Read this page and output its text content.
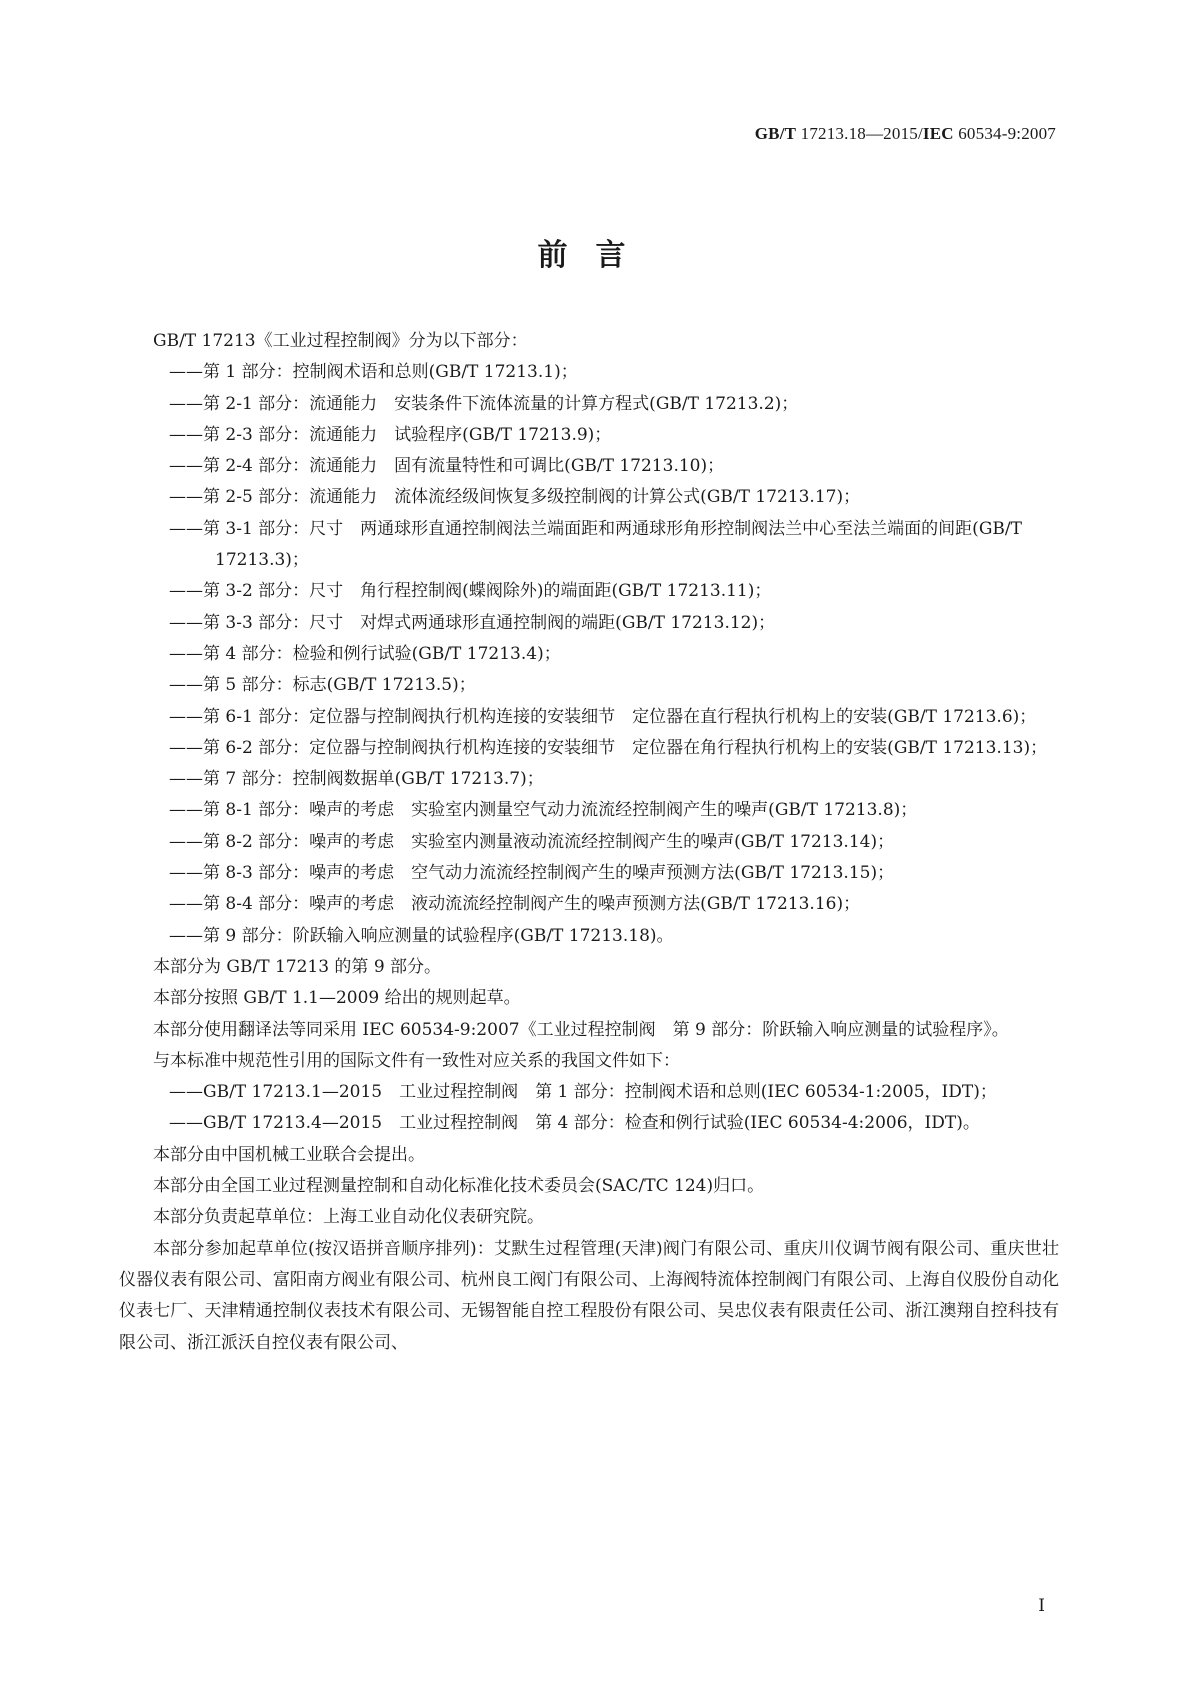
GB/T 17213.18—2015/IEC 60534-9:2007
前言

GB/T 17213《工业过程控制阀》分为以下部分：

——第 1 部分：控制阀术语和总则(GB/T 17213.1)；

——第 2-1 部分：流通能力　安装条件下流体流量的计算方程式(GB/T 17213.2)；

——第 2-3 部分：流通能力　试验程序(GB/T 17213.9)；

——第 2-4 部分：流通能力　固有流量特性和可调比(GB/T 17213.10)；

——第 2-5 部分：流通能力　流体流经级间恢复多级控制阀的计算公式(GB/T 17213.17)；

——第 3-1 部分：尺寸　两通球形直通控制阀法兰端面距和两通球形角形控制阀法兰中心至法兰端面的间距(GB/T 17213.3)；

——第 3-2 部分：尺寸　角行程控制阀(蝶阀除外)的端面距(GB/T 17213.11)；

——第 3-3 部分：尺寸　对焊式两通球形直通控制阀的端距(GB/T 17213.12)；

——第 4 部分：检验和例行试验(GB/T 17213.4)；

——第 5 部分：标志(GB/T 17213.5)；

——第 6-1 部分：定位器与控制阀执行机构连接的安装细节　定位器在直行程执行机构上的安装(GB/T 17213.6)；

——第 6-2 部分：定位器与控制阀执行机构连接的安装细节　定位器在角行程执行机构上的安装(GB/T 17213.13)；

——第 7 部分：控制阀数据单(GB/T 17213.7)；

——第 8-1 部分：噪声的考虑　实验室内测量空气动力流流经控制阀产生的噪声(GB/T 17213.8)；

——第 8-2 部分：噪声的考虑　实验室内测量液动流流经控制阀产生的噪声(GB/T 17213.14)；

——第 8-3 部分：噪声的考虑　空气动力流流经控制阀产生的噪声预测方法(GB/T 17213.15)；

——第 8-4 部分：噪声的考虑　液动流流经控制阀产生的噪声预测方法(GB/T 17213.16)；

——第 9 部分：阶跃输入响应测量的试验程序(GB/T 17213.18)。

本部分为 GB/T 17213 的第 9 部分。

本部分按照 GB/T 1.1—2009 给出的规则起草。

本部分使用翻译法等同采用 IEC 60534-9:2007《工业过程控制阀　第 9 部分：阶跃输入响应测量的试验程序》。

与本标准中规范性引用的国际文件有一致性对应关系的我国文件如下：

——GB/T 17213.1—2015　工业过程控制阀　第 1 部分：控制阀术语和总则(IEC 60534-1:2005，IDT)；

——GB/T 17213.4—2015　工业过程控制阀　第 4 部分：检查和例行试验(IEC 60534-4:2006，IDT)。

本部分由中国机械工业联合会提出。

本部分由全国工业过程测量控制和自动化标准化技术委员会(SAC/TC 124)归口。

本部分负责起草单位：上海工业自动化仪表研究院。

本部分参加起草单位(按汉语拼音顺序排列)：艾默生过程管理(天津)阀门有限公司、重庆川仪调节阀有限公司、重庆世壮仪器仪表有限公司、富阳南方阀业有限公司、杭州良工阀门有限公司、上海阀特流体控制阀门有限公司、上海自仪股份自动化仪表七厂、天津精通控制仪表技术有限公司、无锡智能自控工程股份有限公司、吴忠仪表有限责任公司、浙江澳翔自控科技有限公司、浙江派沃自控仪表有限公司、

I
